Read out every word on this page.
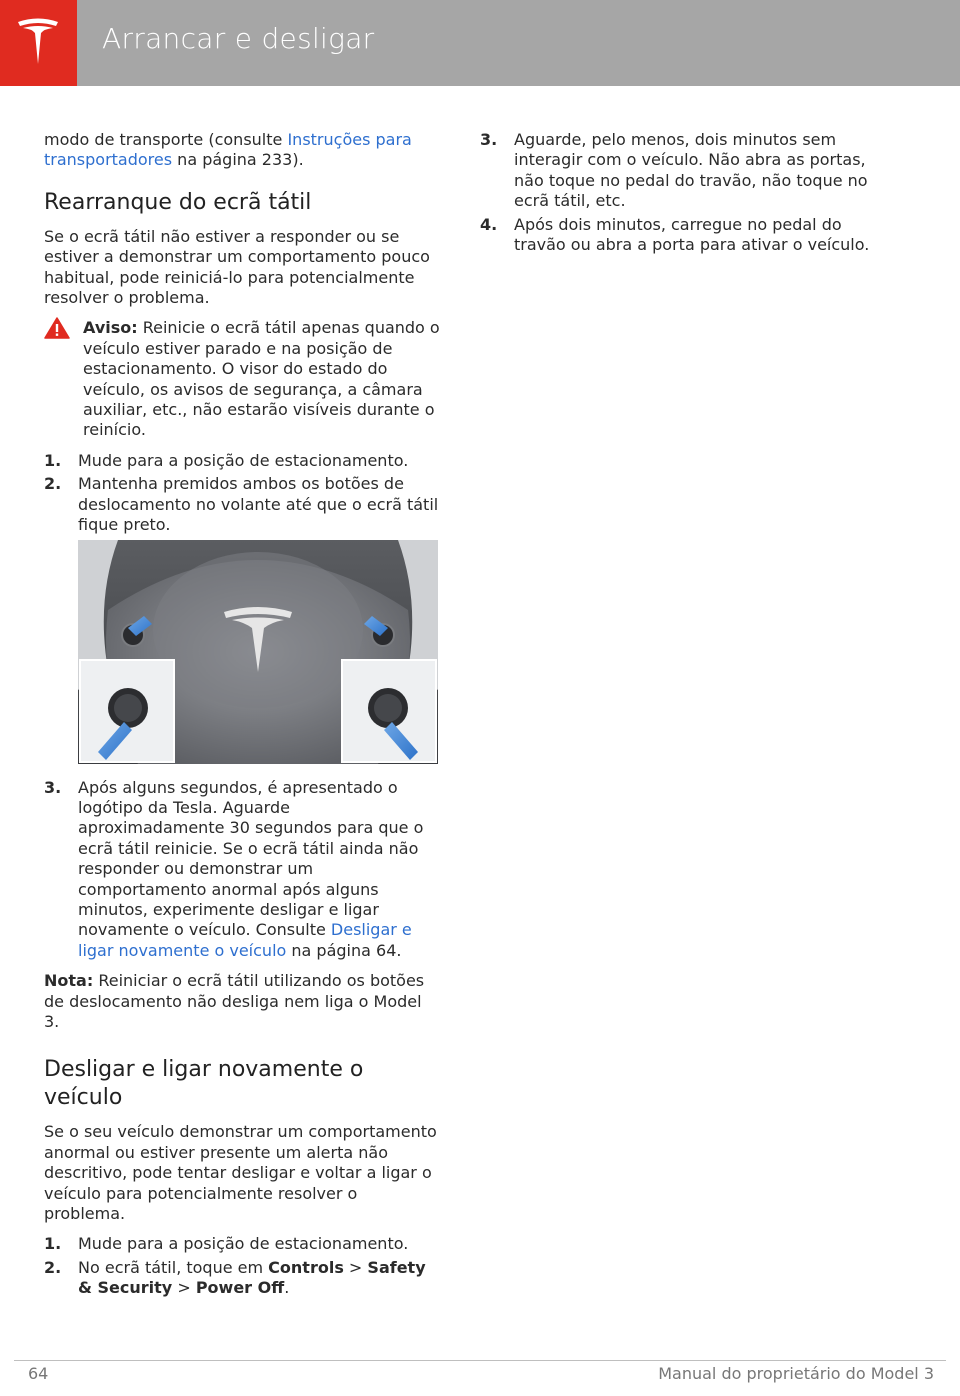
Arrancar e desligar

modo de transporte (consulte Instruções para transportadores na página 233).

Rearranque do ecrã tátil

Se o ecrã tátil não estiver a responder ou se estiver a demonstrar um comportamento pouco habitual, pode reiniciá-lo para potencialmente resolver o problema.

Aviso: Reinicie o ecrã tátil apenas quando o veículo estiver parado e na posição de estacionamento. O visor do estado do veículo, os avisos de segurança, a câmara auxiliar, etc., não estarão visíveis durante o reinício.
1. Mude para a posição de estacionamento.
2. Mantenha premidos ambos os botões de deslocamento no volante até que o ecrã tátil fique preto.
3. Após alguns segundos, é apresentado o logótipo da Tesla. Aguarde aproximadamente 30 segundos para que o ecrã tátil reinicie. Se o ecrã tátil ainda não responder ou demonstrar um comportamento anormal após alguns minutos, experimente desligar e ligar novamente o veículo. Consulte Desligar e ligar novamente o veículo na página 64.

Nota: Reiniciar o ecrã tátil utilizando os botões de deslocamento não desliga nem liga o Model 3.

Desligar e ligar novamente o veículo

Se o seu veículo demonstrar um comportamento anormal ou estiver presente um alerta não descritivo, pode tentar desligar e voltar a ligar o veículo para potencialmente resolver o problema.

1. Mude para a posição de estacionamento.
2. No ecrã tátil, toque em Controls > Safety & Security > Power Off.
3. Aguarde, pelo menos, dois minutos sem interagir com o veículo. Não abra as portas, não toque no pedal do travão, não toque no ecrã tátil, etc.
4. Após dois minutos, carregue no pedal do travão ou abra a porta para ativar o veículo.
64	Manual do proprietário do Model 3
